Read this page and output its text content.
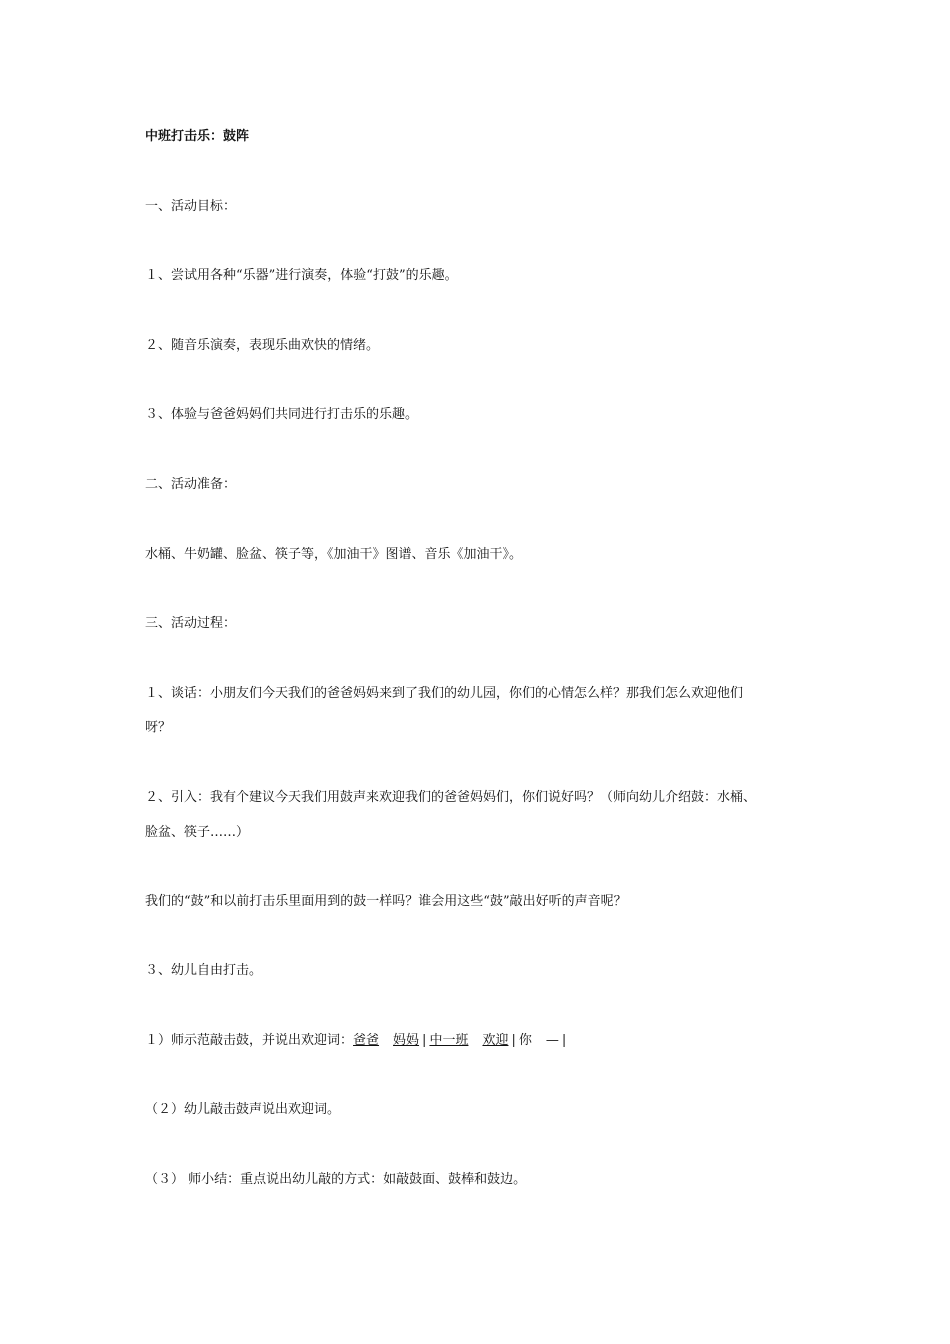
中班打击乐：鼓阵
一、活动目标：
１、尝试用各种“乐器”进行演奏，体验“打鼓”的乐趣。
２、随音乐演奏，表现乐曲欢快的情绪。
３、体验与爸爸妈妈们共同进行打击乐的乐趣。
二、活动准备：
水桶、牛奶罐、脸盆、筷子等，《加油干》图谱、音乐《加油干》。
三、活动过程：
１、谈话：小朋友们今天我们的爸爸妈妈来到了我们的幼儿园，你们的心情怎么样？那我们怎么欢迎他们
呀？
２、引入：我有个建议今天我们用鼓声来欢迎我们的爸爸妈妈们，你们说好吗？（师向幼儿介绍鼓：水桶、
脸盆、筷子……）
我们的“鼓”和以前打击乐里面用到的鼓一样吗？谁会用这些“鼓”敲出好听的声音呢？
３、幼儿自由打击。
１）师示范敲击鼓，并说出欢迎词：爸爸 妈妈 | 中一班 欢迎 | 你 — |
（２）幼儿敲击鼓声说出欢迎词。
（３） 师小结：重点说出幼儿敲的方式：如敲鼓面、鼓棒和鼓边。
